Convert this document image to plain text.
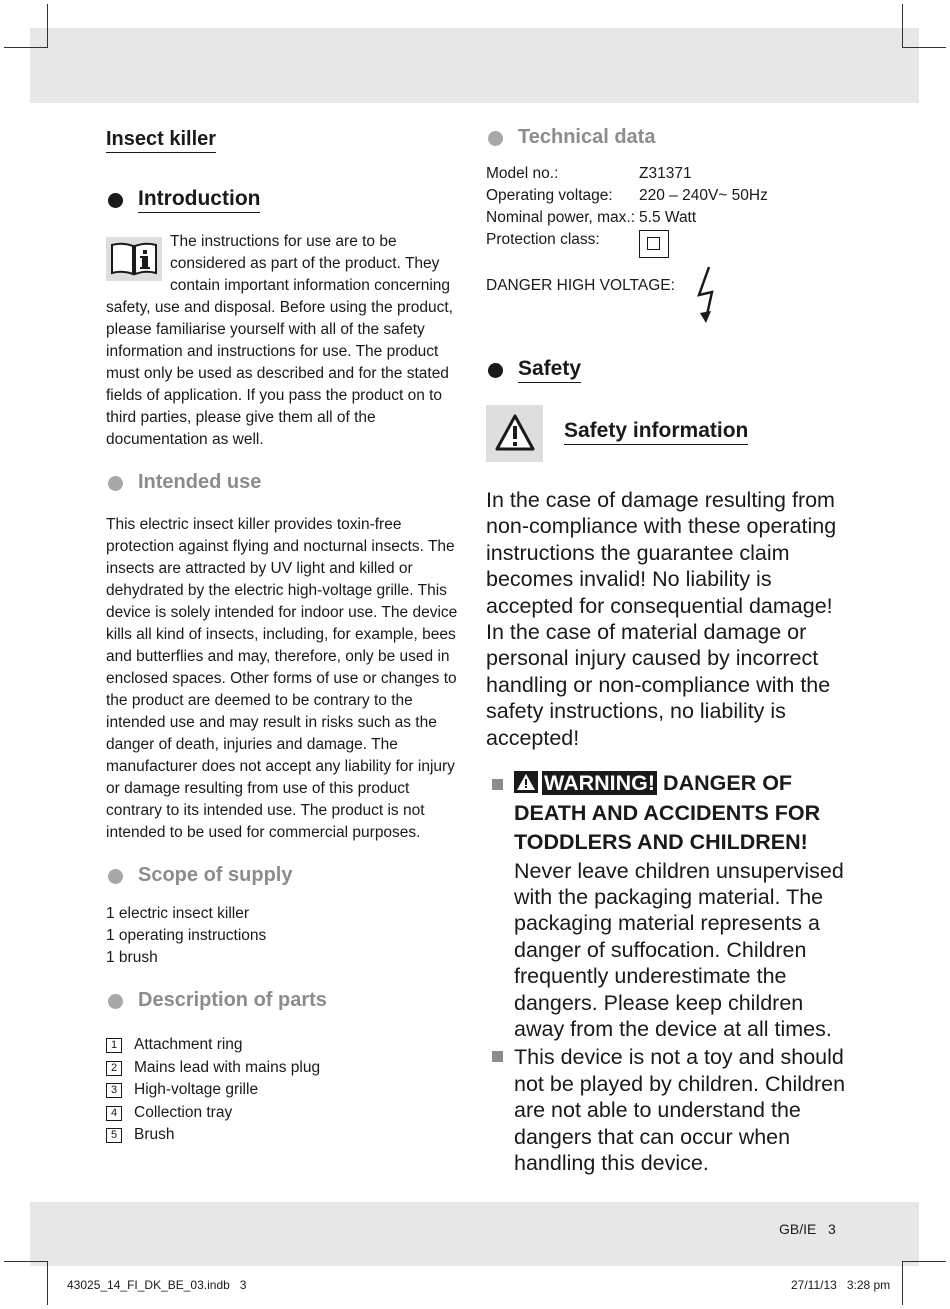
Insect killer
Introduction

The instructions for use are to be considered as part of the product. They contain important information concerning safety, use and disposal. Before using the product, please familiarise yourself with all of the safety information and instructions for use. The product must only be used as described and for the stated fields of application. If you pass the product on to third parties, please give them all of the documentation as well.

Intended use

This electric insect killer provides toxin-free protection against flying and nocturnal insects. The insects are attracted by UV light and killed or dehydrated by the electric high-voltage grille. This device is solely intended for indoor use. The device kills all kind of insects, including, for example, bees and butterflies and may, therefore, only be used in enclosed spaces. Other forms of use or changes to the product are deemed to be contrary to the intended use and may result in risks such as the danger of death, injuries and damage. The manufacturer does not accept any liability for injury or damage resulting from use of this product contrary to its intended use. The product is not intended to be used for commercial purposes.

Scope of supply
1 electric insect killer
1 operating instructions
1 brush
Description of parts
1	Attachment ring
2	Mains lead with mains plug
3	High-voltage grille
4	Collection tray
5	Brush
Technical data
Model no.:	Z31371
Operating voltage:	220 – 240V~ 50Hz
Nominal power, max.:	5.5 Watt
Protection class:	
DANGER HIGH VOLTAGE:
Safety
Safety information

In the case of damage resulting from non-compliance with these operating instructions the guarantee claim becomes invalid! No liability is accepted for consequential damage! In the case of material damage or personal injury caused by incorrect handling or non-compliance with the safety instructions, no liability is accepted!

WARNING! DANGER OF DEATH AND ACCIDENTS FOR TODDLERS AND CHILDREN!
Never leave children unsupervised with the packaging material. The packaging material represents a danger of suffocation. Children frequently underestimate the dangers. Please keep children away from the device at all times.
This device is not a toy and should not be played by children. Children are not able to understand the dangers that can occur when handling this device.
GB/IE   3
43025_14_FI_DK_BE_03.indb   3	27/11/13   3:28 pm
